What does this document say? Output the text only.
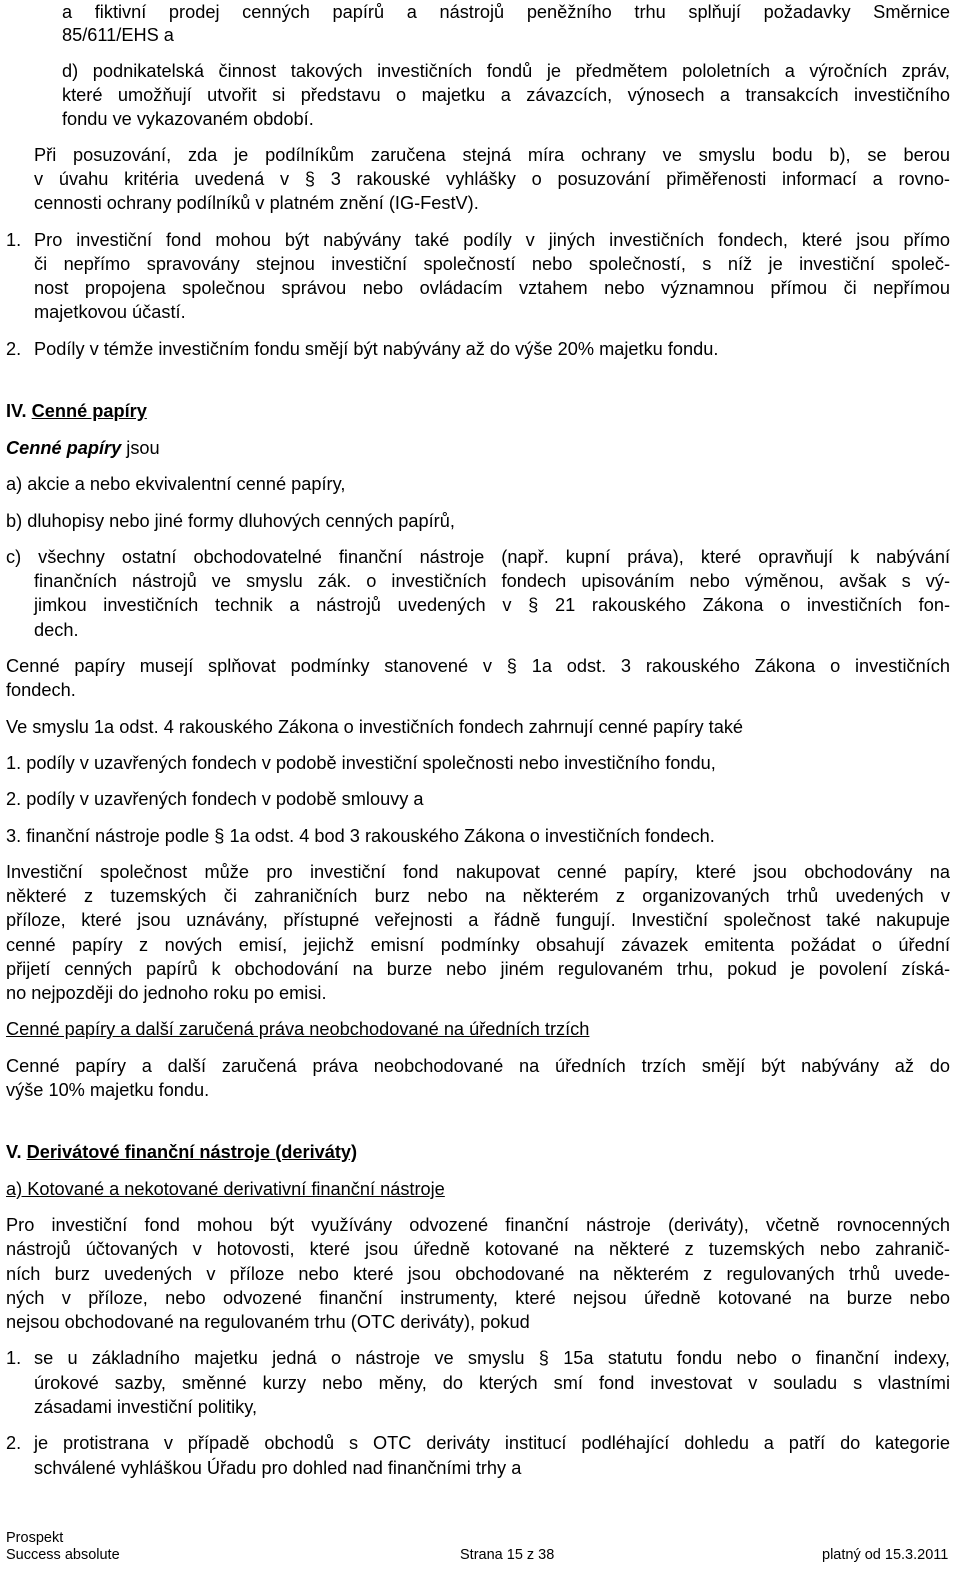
a fiktivní prodej cenných papírů a nástrojů peněžního trhu splňují požadavky Směrnice
85/611/EHS a
d) podnikatelská činnost takových investičních fondů je předmětem pololetních a výročních zpráv,
které umožňují utvořit si představu o majetku a závazcích, výnosech a transakcích investičního
fondu ve vykazovaném období.
Při posuzování, zda je podílníkům zaručena stejná míra ochrany ve smyslu bodu b), se berou
v úvahu kritéria uvedená v § 3 rakouské vyhlášky o posuzování přiměřenosti informací a rovno-
cennosti ochrany podílníků v platném znění (IG-FestV).
1. Pro investiční fond mohou být nabývány také podíly v jiných investičních fondech, které jsou přímo
či nepřímo spravovány stejnou investiční společností nebo společností, s níž je investiční společ-
nost propojena společnou správou nebo ovládacím vztahem nebo významnou přímou či nepřímou
majetkovou účastí.
2. Podíly v témže investičním fondu smějí být nabývány až do výše 20% majetku fondu.
IV. Cenné papíry
Cenné papíry jsou
a) akcie a nebo ekvivalentní cenné papíry,
b) dluhopisy nebo jiné formy dluhových cenných papírů,
c) všechny ostatní obchodovatelné finanční nástroje (např. kupní práva), které opravňují k nabývání
finančních nástrojů ve smyslu zák. o investičních fondech upisováním nebo výměnou, avšak s vý-
jimkou investičních technik a nástrojů uvedených v § 21 rakouského Zákona o investičních fon-
dech.
Cenné papíry musejí splňovat podmínky stanovené v § 1a odst. 3 rakouského Zákona o investičních
fondech.
Ve smyslu 1a odst. 4 rakouského Zákona o investičních fondech zahrnují cenné papíry také
1. podíly v uzavřených fondech v podobě investiční společnosti nebo investičního fondu,
2. podíly v uzavřených fondech v podobě smlouvy a
3. finanční nástroje podle § 1a odst. 4 bod 3 rakouského Zákona o investičních fondech.
Investiční společnost může pro investiční fond nakupovat cenné papíry, které jsou obchodovány na
některé z tuzemských či zahraničních burz nebo na některém z organizovaných trhů uvedených v
příloze, které jsou uznávány, přístupné veřejnosti a řádně fungují. Investiční společnost také nakupuje
cenné papíry z nových emisí, jejichž emisní podmínky obsahují závazek emitenta požádat o úřední
přijetí cenných papírů k obchodování na burze nebo jiném regulovaném trhu, pokud je povolení získá-
no nejpozději do jednoho roku po emisi.
Cenné papíry a další zaručená práva neobchodované na úředních trzích
Cenné papíry a další zaručená práva neobchodované na úředních trzích smějí být nabývány až do
výše 10% majetku fondu.
V. Derivátové finanční nástroje (deriváty)
a) Kotované a nekotované derivativní finanční nástroje
Pro investiční fond mohou být využívány odvozené finanční nástroje (deriváty), včetně rovnocenných
nástrojů účtovaných v hotovosti, které jsou úředně kotované na některé z tuzemských nebo zahranič-
ních burz uvedených v příloze nebo které jsou obchodované na některém z regulovaných trhů uvede-
ných v příloze, nebo odvozené finanční instrumenty, které nejsou úředně kotované na burze nebo
nejsou obchodované na regulovaném trhu (OTC deriváty), pokud
1. se u základního majetku jedná o nástroje ve smyslu § 15a statutu fondu nebo o finanční indexy,
úrokové sazby, směnné kurzy nebo měny, do kterých smí fond investovat v souladu s vlastními
zásadami investiční politiky,
2. je protistrana v případě obchodů s OTC deriváty institucí podléhající dohledu a patří do kategorie
schválené vyhláškou Úřadu pro dohled nad finančními trhy a
Prospekt
Success absolute	Strana 15 z 38	platný od 15.3.2011
